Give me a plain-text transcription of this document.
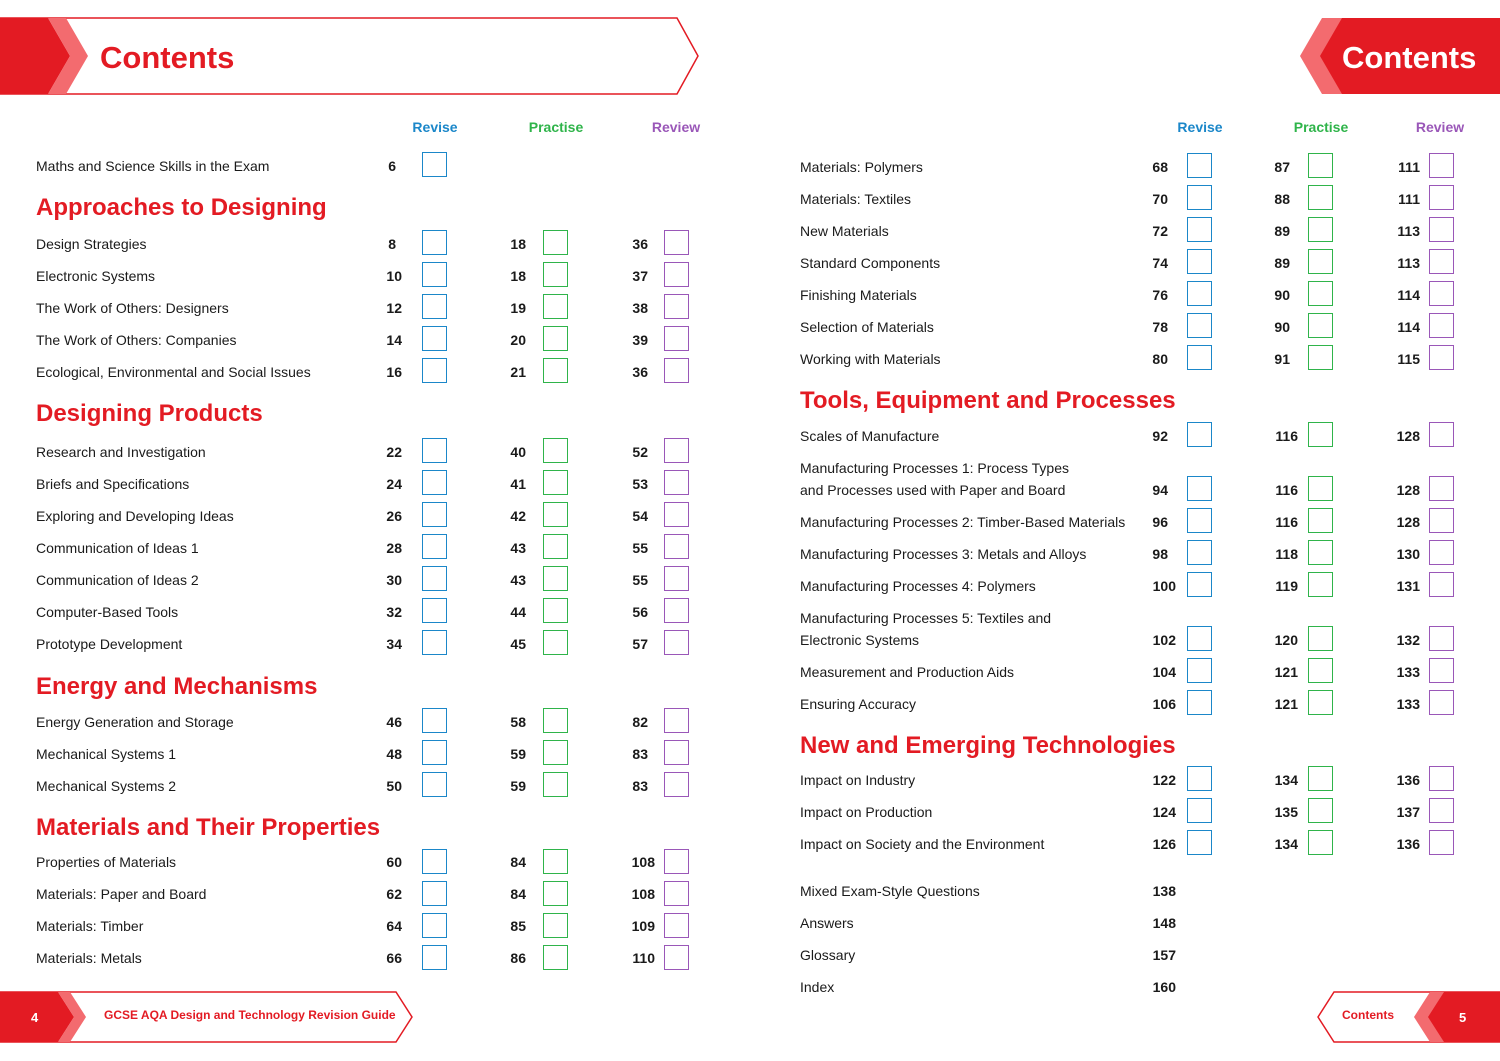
Contents	Contents
Revise	Practise	Review	Revise	Practise	Review
Maths and Science Skills in the Exam	6
Approaches to Designing
Design Strategies	8	18	36
Electronic Systems	10	18	37
The Work of Others: Designers	12	19	38
The Work of Others: Companies	14	20	39
Ecological, Environmental and Social Issues	16	21	36
Designing Products
Research and Investigation	22	40	52
Briefs and Specifications	24	41	53
Exploring and Developing Ideas	26	42	54
Communication of Ideas 1	28	43	55
Communication of Ideas 2	30	43	55
Computer-Based Tools	32	44	56
Prototype Development	34	45	57
Energy and Mechanisms
Energy Generation and Storage	46	58	82
Mechanical Systems 1	48	59	83
Mechanical Systems 2	50	59	83
Materials and Their Properties
Properties of Materials	60	84	108
Materials: Paper and Board	62	84	108
Materials: Timber	64	85	109
Materials: Metals	66	86	110
Materials: Polymers	68	87	111
Materials: Textiles	70	88	111
New Materials	72	89	113
Standard Components	74	89	113
Finishing Materials	76	90	114
Selection of Materials	78	90	114
Working with Materials	80	91	115
Tools, Equipment and Processes
Scales of Manufacture	92	116	128
Manufacturing Processes 1: Process Types
and Processes used with Paper and Board	94	116	128
Manufacturing Processes 2: Timber-Based Materials	96	116	128
Manufacturing Processes 3: Metals and Alloys	98	118	130
Manufacturing Processes 4: Polymers	100	119	131
Manufacturing Processes 5: Textiles and
Electronic Systems	102	120	132
Measurement and Production Aids	104	121	133
Ensuring Accuracy	106	121	133
New and Emerging Technologies
Impact on Industry	122	134	136
Impact on Production	124	135	137
Impact on Society and the Environment	126	134	136
Mixed Exam-Style Questions	138
Answers	148
Glossary	157
Index	160
4	GCSE AQA Design and Technology Revision Guide	Contents	5
